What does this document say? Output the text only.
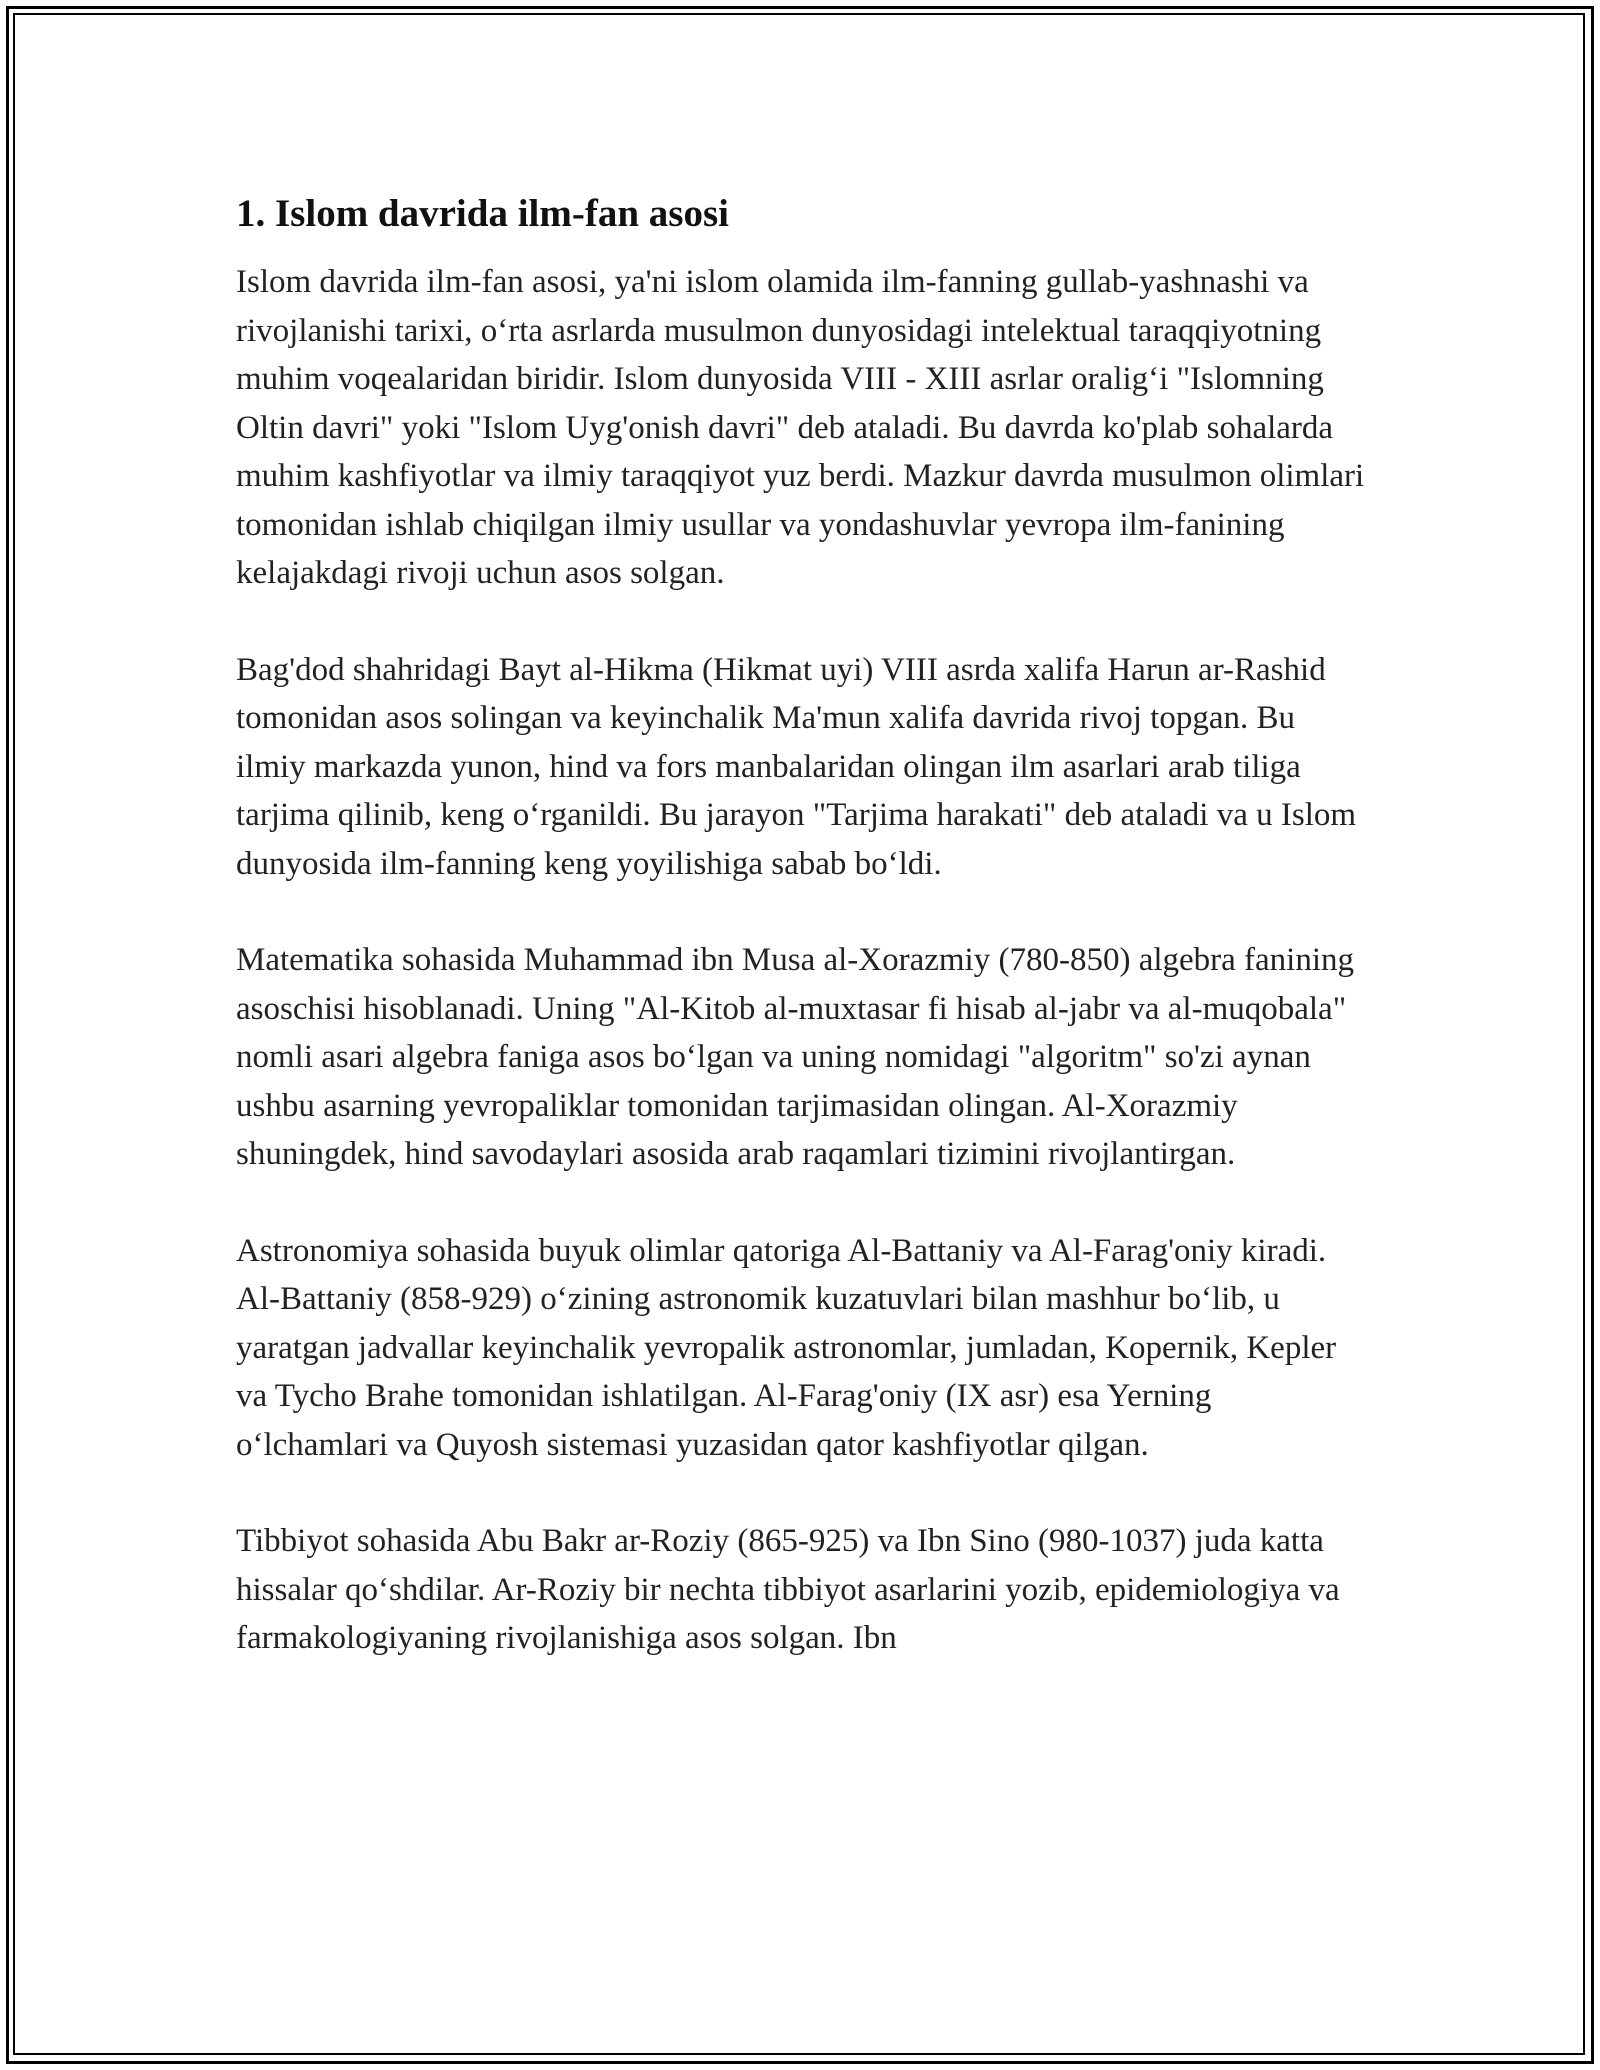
1. Islom davrida ilm-fan asosi

Islom davrida ilm-fan asosi, ya'ni islom olamida ilm-fanning gullab-yashnashi va rivojlanishi tarixi, o‘rta asrlarda musulmon dunyosidagi intelektual taraqqiyotning muhim voqealaridan biridir. Islom dunyosida VIII - XIII asrlar oralig‘i "Islomning Oltin davri" yoki "Islom Uyg'onish davri" deb ataladi. Bu davrda ko'plab sohalarda muhim kashfiyotlar va ilmiy taraqqiyot yuz berdi. Mazkur davrda musulmon olimlari tomonidan ishlab chiqilgan ilmiy usullar va yondashuvlar yevropa ilm-fanining kelajakdagi rivoji uchun asos solgan.

Bag'dod shahridagi Bayt al-Hikma (Hikmat uyi) VIII asrda xalifa Harun ar-Rashid tomonidan asos solingan va keyinchalik Ma'mun xalifa davrida rivoj topgan. Bu ilmiy markazda yunon, hind va fors manbalaridan olingan ilm asarlari arab tiliga tarjima qilinib, keng o‘rganildi. Bu jarayon "Tarjima harakati" deb ataladi va u Islom dunyosida ilm-fanning keng yoyilishiga sabab bo‘ldi.

Matematika sohasida Muhammad ibn Musa al-Xorazmiy (780-850) algebra fanining asoschisi hisoblanadi. Uning "Al-Kitob al-muxtasar fi hisab al-jabr va al-muqobala" nomli asari algebra faniga asos bo‘lgan va uning nomidagi "algoritm" so'zi aynan ushbu asarning yevropaliklar tomonidan tarjimasidan olingan. Al-Xorazmiy shuningdek, hind savodaylari asosida arab raqamlari tizimini rivojlantirgan.

Astronomiya sohasida buyuk olimlar qatoriga Al-Battaniy va Al-Farag'oniy kiradi. Al-Battaniy (858-929) o‘zining astronomik kuzatuvlari bilan mashhur bo‘lib, u yaratgan jadvallar keyinchalik yevropalik astronomlar, jumladan, Kopernik, Kepler va Tycho Brahe tomonidan ishlatilgan. Al-Farag'oniy (IX asr) esa Yerning o‘lchamlari va Quyosh sistemasi yuzasidan qator kashfiyotlar qilgan.

Tibbiyot sohasida Abu Bakr ar-Roziy (865-925) va Ibn Sino (980-1037) juda katta hissalar qo‘shdilar. Ar-Roziy bir nechta tibbiyot asarlarini yozib, epidemiologiya va farmakologiyaning rivojlanishiga asos solgan. Ibn
